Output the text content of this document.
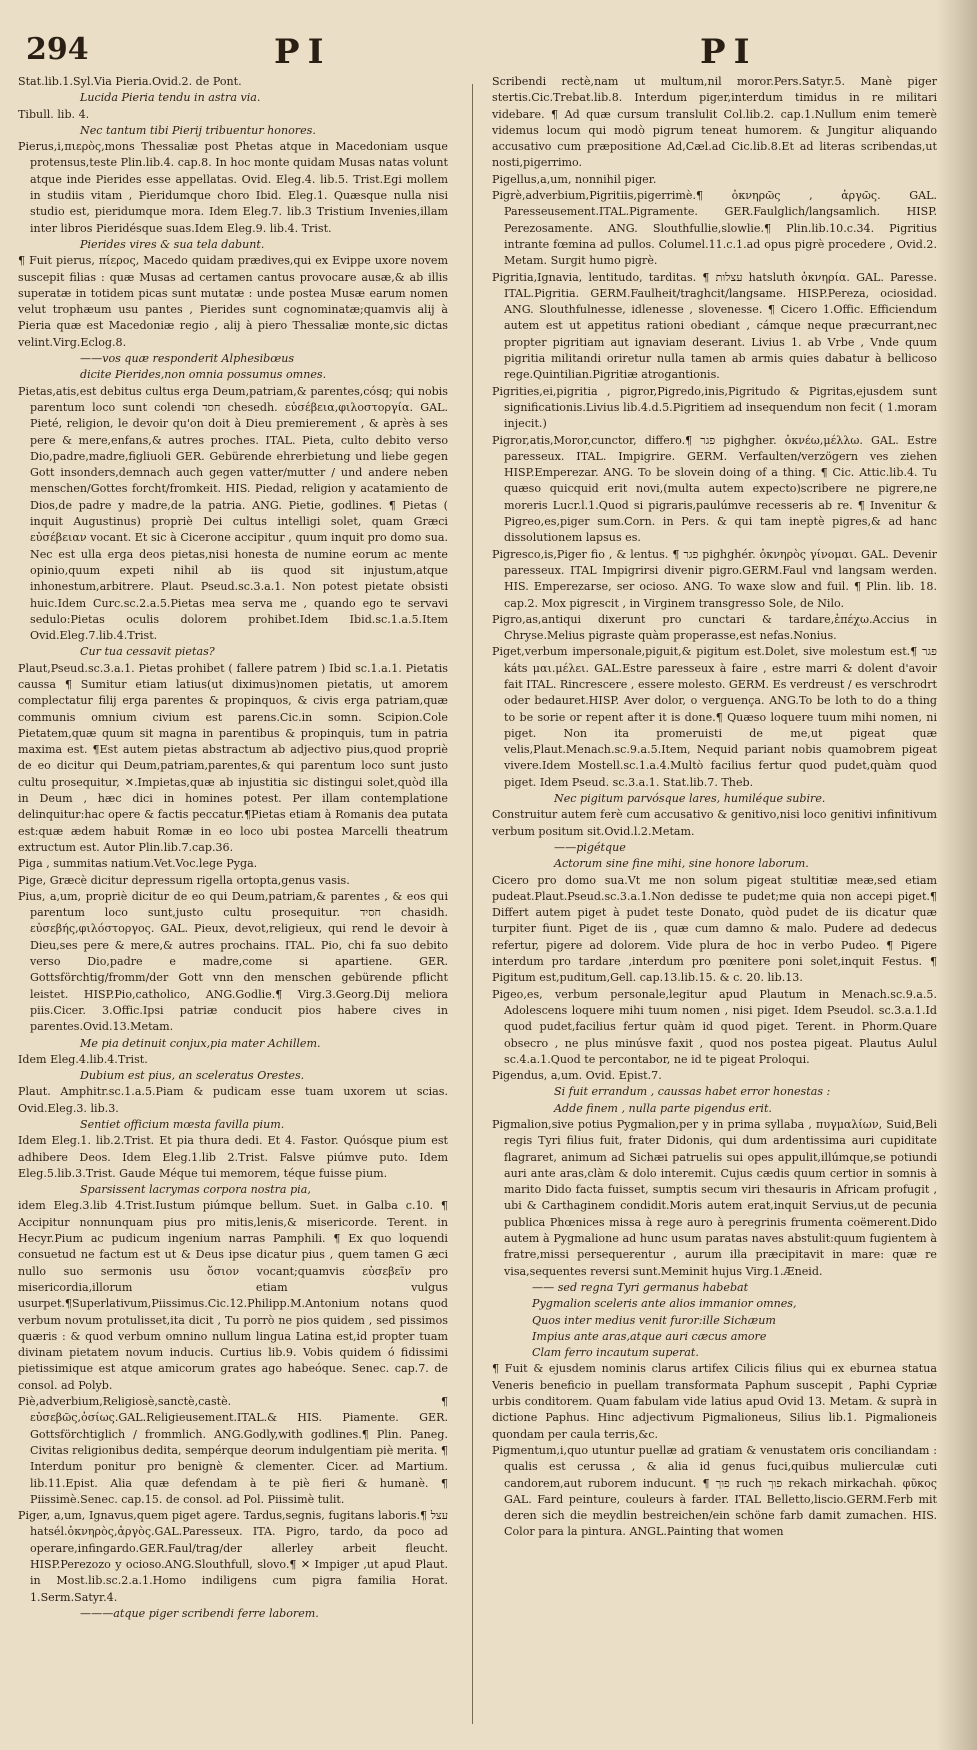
294	PI	PI

Stat.lib.1.Syl.Via Pieria.Ovid.2. de Pont.

Lucida Pieria tendu in astra via.

Tibull. lib. 4.

Nec tantum tibi Pierij tribuentur honores.

Pierus,i,πιερὸς,mons Thessaliæ post Phetas atque in Macedoniam usque protensus,teste Plin.lib.4. cap.8. In hoc monte quidam Musas natas volunt atque inde Pierides esse appellatas. Ovid. Eleg.4. lib.5. Trist.Egi mollem in studiis vitam , Pieridumque choro Ibid. Eleg.1. Quæsque nulla nisi studio est, pieridumque mora. Idem Eleg.7. lib.3 Tristium Invenies,illam inter libros Pieridésque suas.Idem Eleg.9. lib.4. Trist.

Pierides vires & sua tela dabunt.

¶ Fuit pierus, πίερος, Macedo quidam prædives,qui ex Evippe uxore novem suscepit filias : quæ Musas ad certamen cantus provocare ausæ,& ab illis superatæ in totidem picas sunt mutatæ : unde postea Musæ earum nomen velut trophæum usu pantes , Pierides sunt cognominatæ;quamvis alij à Pieria quæ est Macedoniæ regio , alij à piero Thessaliæ monte,sic dictas velint.Virg.Eclog.8.

——vos quæ responderit Alphesibœus

dicite Pierides,non omnia possumus omnes.

Pietas,atis,est debitus cultus erga Deum,patriam,& parentes,cósq; qui nobis parentum loco sunt colendi חסד chesedh. εὐσέβεια,φιλοστοργία. GAL. Pieté, religion, le devoir qu'on doit à Dieu premierement , & après à ses pere & mere,enfans,& autres proches. ITAL. Pieta, culto debito verso Dio,padre,madre,figliuoli GER. Gebürende ehrerbietung und liebe gegen Gott insonders,demnach auch gegen vatter/mutter / und andere neben menschen/Gottes forcht/fromkeit. HIS. Piedad, religion y acatamiento de Dios,de padre y madre,de la patria. ANG. Pietie, godlines. ¶ Pietas ( inquit Augustinus) propriè Dei cultus intelligi solet, quam Græci εὐσέβειαν vocant. Et sic à Cicerone accipitur , quum inquit pro domo sua. Nec est ulla erga deos pietas,nisi honesta de numine eorum ac mente opinio,quum expeti nihil ab iis quod sit injustum,atque inhonestum,arbitrere. Plaut. Pseud.sc.3.a.1. Non potest pietate obsisti huic.Idem Curc.sc.2.a.5.Pietas mea serva me , quando ego te servavi sedulo:Pietas oculis dolorem prohibet.Idem Ibid.sc.1.a.5.Item Ovid.Eleg.7.lib.4.Trist.

Cur tua cessavit pietas?

Plaut,Pseud.sc.3.a.1. Pietas prohibet ( fallere patrem ) Ibid sc.1.a.1. Pietatis caussa ¶ Sumitur etiam latius(ut diximus)nomen pietatis, ut amorem complectatur filij erga parentes & propinquos, & civis erga patriam,quæ communis omnium civium est parens.Cic.in somn. Scipion.Cole Pietatem,quæ quum sit magna in parentibus & propinquis, tum in patria maxima est. ¶Est autem pietas abstractum ab adjectivo pius,quod propriè de eo dicitur qui Deum,patriam,parentes,& qui parentum loco sunt justo cultu prosequitur, ✕.Impietas,quæ ab injustitia sic distingui solet,quòd illa in Deum , hæc dici in homines potest. Per illam contemplatione delinquitur:hac opere & factis peccatur.¶Pietas etiam à Romanis dea putata est:quæ ædem habuit Romæ in eo loco ubi postea Marcelli theatrum extructum est. Autor Plin.lib.7.cap.36.

Piga , summitas natium.Vet.Voc.lege Pyga.

Pige, Græcè dicitur depressum rigella ortopta,genus vasis.

Pius, a,um, propriè dicitur de eo qui Deum,patriam,& parentes , & eos qui parentum loco sunt,justo cultu prosequitur. חסיד chasidh. εὐσεβής,φιλόστοργος. GAL. Pieux, devot,religieux, qui rend le devoir à Dieu,ses pere & mere,& autres prochains. ITAL. Pio, chi fa suo debito verso Dio,padre e madre,come si apartiene. GER. Gottsförchtig/fromm/der Gott vnn den menschen gebürende pflicht leistet. HISP.Pio,catholico, ANG.Godlie.¶ Virg.3.Georg.Dij meliora piis.Cicer. 3.Offic.Ipsi patriæ conducit pios habere cives in parentes.Ovid.13.Metam.

Me pia detinuit conjux,pia mater Achillem.

Idem Eleg.4.lib.4.Trist.

Dubium est pius, an sceleratus Orestes.

Plaut. Amphitr.sc.1.a.5.Piam & pudicam esse tuam uxorem ut scias. Ovid.Eleg.3. lib.3.

Sentiet officium mœsta favilla pium.

Idem Eleg.1. lib.2.Trist. Et pia thura dedi. Et 4. Fastor. Quósque pium est adhibere Deos. Idem Eleg.1.lib 2.Trist. Falsve piúmve puto. Idem Eleg.5.lib.3.Trist. Gaude Méque tui memorem, téque fuisse pium.

Sparsissent lacrymas corpora nostra pia,

idem Eleg.3.lib 4.Trist.Iustum piúmque bellum. Suet. in Galba c.10. ¶ Accipitur nonnunquam pius pro mitis,lenis,& misericorde. Terent. in Hecyr.Pium ac pudicum ingenium narras Pamphili. ¶ Ex quo loquendi consuetud ne factum est ut & Deus ipse dicatur pius , quem tamen G æci nullo suo sermonis usu ὅσιον vocant;quamvis εὐσεβεῖν pro misericordia,illorum etiam vulgus usurpet.¶Superlativum,Piissimus.Cic.12.Philipp.M.Antonium notans quod verbum novum protulisset,ita dicit , Tu porrò ne pios quidem , sed pissimos quæris : & quod verbum omnino nullum lingua Latina est,id propter tuam divinam pietatem novum inducis. Curtius lib.9. Vobis quidem ó fidissimi pietissimique est atque amicorum grates ago habeóque. Senec. cap.7. de consol. ad Polyb.

Piè,adverbium,Religiosè,sanctè,castè. ¶ εὐσεβῶς,ὁσίως.GAL.Religieusement.ITAL.& HIS. Piamente. GER. Gottsförchtiglich / frommlich. ANG.Godly,with godlines.¶ Plin. Paneg. Civitas religionibus dedita, sempérque deorum indulgentiam piè merita. ¶ Interdum ponitur pro benignè & clementer. Cicer. ad Martium. lib.11.Epist. Alia quæ defendam à te piè fieri & humanè. ¶ Piissimè.Senec. cap.15. de consol. ad Pol. Piissimè tulit.

Piger, a,um, Ignavus,quem piget agere. Tardus,segnis, fugitans laboris.¶ עצל hatsél.ὀκνηρὸς,ἀργὸς.GAL.Paresseux. ITA. Pigro, tardo, da poco ad operare,infingardo.GER.Faul/trag/der allerley arbeit fleucht. HISP.Perezozo y ocioso.ANG.Slouthfull, slovo.¶ ✕ Impiger ,ut apud Plaut. in Most.lib.sc.2.a.1.Homo indiligens cum pigra familia Horat. 1.Serm.Satyr.4.

———atque piger scribendi ferre laborem.

Scribendi rectè,nam ut multum,nil moror.Pers.Satyr.5. Manè piger stertis.Cic.Trebat.lib.8. Interdum piger,interdum timidus in re militari videbare. ¶ Ad quæ cursum translulit Col.lib.2. cap.1.Nullum enim temerè videmus locum qui modò pigrum teneat humorem. & Jungitur aliquando accusativo cum præpositione Ad,Cæl.ad Cic.lib.8.Et ad literas scribendas,ut nosti,pigerrimo.

Pigellus,a,um, nonnihil piger.

Pigrè,adverbium,Pigritiis,pigerrimè.¶ ὀκνηρῶς , ἀργῶς. GAL. Paresseusement.ITAL.Pigramente. GER.Faulglich/langsamlich. HISP. Perezosamente. ANG. Slouthfullie,slowlie.¶ Plin.lib.10.c.34. Pigritius intrante fœmina ad pullos. Columel.11.c.1.ad opus pigrè procedere , Ovid.2. Metam. Surgit humo pigrè.

Pigritia,Ignavia, lentitudo, tarditas. ¶ עצלות hatsluth ὀκνηρία. GAL. Paresse. ITAL.Pigritia. GERM.Faulheit/traghcit/langsame. HISP.Pereza, ociosidad. ANG. Slouthfulnesse, idlenesse , slovenesse. ¶ Cicero 1.Offic. Efficiendum autem est ut appetitus rationi obediant , cámque neque præcurrant,nec propter pigritiam aut ignaviam deserant. Livius 1. ab Vrbe , Vnde quum pigritia militandi oriretur nulla tamen ab armis quies dabatur à bellicoso rege.Quintilian.Pigritiæ atrogantionis.

Pigrities,ei,pigritia , pigror,Pigredo,inis,Pigritudo & Pigritas,ejusdem sunt significationis.Livius lib.4.d.5.Pigritiem ad insequendum non fecit ( 1.moram injecit.)

Pigror,atis,Moror,cunctor, differo.¶ פגר pighgher. ὀκνέω,μέλλω. GAL. Estre paresseux. ITAL. Impigrire. GERM. Verfaulten/verzögern ves ziehen HISP.Emperezar. ANG. To be slovein doing of a thing. ¶ Cic. Attic.lib.4. Tu quæso quicquid erit novi,(multa autem expecto)scribere ne pigrere,ne moreris Lucr.l.1.Quod si pigraris,paulúmve recesseris ab re. ¶ Invenitur & Pigreo,es,piger sum.Corn. in Pers. & qui tam ineptè pigres,& ad hanc dissolutionem lapsus es.

Pigresco,is,Piger fio , & lentus. ¶ פגר pighghér. ὀκνηρὸς γίνομαι. GAL. Devenir paresseux. ITAL Impigrirsi divenir pigro.GERM.Faul vnd langsam werden. HIS. Emperezarse, ser ocioso. ANG. To waxe slow and fuil. ¶ Plin. lib. 18. cap.2. Mox pigrescit , in Virginem transgresso Sole, de Nilo.

Pigro,as,antiqui dixerunt pro cunctari & tardare,ἐπέχω.Accius in Chryse.Melius pigraste quàm properasse,est nefas.Nonius.

Piget,verbum impersonale,piguit,& pigitum est.Dolet, sive molestum est.¶ פגר káts μαι.μέλει. GAL.Estre paresseux à faire , estre marri & dolent d'avoir fait ITAL. Rincrescere , essere molesto. GERM. Es verdreust / es verschrodrt oder bedauret.HISP. Aver dolor, o verguença. ANG.To be loth to do a thing to be sorie or repent after it is done.¶ Quæso loquere tuum mihi nomen, ni piget. Non ita promeruisti de me,ut pigeat quæ velis,Plaut.Menach.sc.9.a.5.Item, Nequid pariant nobis quamobrem pigeat vivere.Idem Mostell.sc.1.a.4.Multò facilius fertur quod pudet,quàm quod piget. Idem Pseud. sc.3.a.1. Stat.lib.7. Theb.

Nec pigitum parvósque lares, humiléque subire.

Construitur autem ferè cum accusativo & genitivo,nisi loco genitivi infinitivum verbum positum sit.Ovid.l.2.Metam.

——pigétque

Actorum sine fine mihi, sine honore laborum.

Cicero pro domo sua.Vt me non solum pigeat stultitiæ meæ,sed etiam pudeat.Plaut.Pseud.sc.3.a.1.Non dedisse te pudet;me quia non accepi piget.¶ Differt autem piget à pudet teste Donato, quòd pudet de iis dicatur quæ turpiter fiunt. Piget de iis , quæ cum damno & malo. Pudere ad dedecus refertur, pigere ad dolorem. Vide plura de hoc in verbo Pudeo. ¶ Pigere interdum pro tardare ,interdum pro pœnitere poni solet,inquit Festus. ¶ Pigitum est,puditum,Gell. cap.13.lib.15. & c. 20. lib.13.

Pigeo,es, verbum personale,legitur apud Plautum in Menach.sc.9.a.5. Adolescens loquere mihi tuum nomen , nisi piget. Idem Pseudol. sc.3.a.1.Id quod pudet,facilius fertur quàm id quod piget. Terent. in Phorm.Quare obsecro , ne plus minúsve faxit , quod nos postea pigeat. Plautus Aulul sc.4.a.1.Quod te percontabor, ne id te pigeat Proloqui.

Pigendus, a,um. Ovid. Epist.7.

Si fuit errandum , caussas habet error honestas :

Adde finem , nulla parte pigendus erit.

Pigmalion,sive potius Pygmalion,per y in prima syllaba , πυγμαλίων, Suid,Beli regis Tyri filius fuit, frater Didonis, qui dum ardentissima auri cupiditate flagraret, animum ad Sichæi patruelis sui opes appulit,illúmque,se potiundi auri ante aras,clàm & dolo interemit. Cujus cædis quum certior in somnis à marito Dido facta fuisset, sumptis secum viri thesauris in Africam profugit , ubi & Carthaginem condidit.Moris autem erat,inquit Servius,ut de pecunia publica Phœnices missa à rege auro à peregrinis frumenta coëmerent.Dido autem à Pygmalione ad hunc usum paratas naves abstulit:quum fugientem à fratre,missi persequerentur , aurum illa præcipitavit in mare: quæ re visa,sequentes reversi sunt.Meminit hujus Virg.1.Æneid.

—— sed regna Tyri germanus habebat

Pygmalion sceleris ante alios immanior omnes,

Quos inter medius venit furor:ille Sichæum

Impius ante aras,atque auri cæcus amore

Clam ferro incautum superat.

¶ Fuit & ejusdem nominis clarus artifex Cilicis filius qui ex eburnea statua Veneris beneficio in puellam transformata Paphum suscepit , Paphi Cypriæ urbis conditorem. Quam fabulam vide latius apud Ovid 13. Metam. & suprà in dictione Paphus. Hinc adjectivum Pigmalioneus, Silius lib.1. Pigmalioneis quondam per caula terris,&c.

Pigmentum,i,quo utuntur puellæ ad gratiam & venustatem oris conciliandam : qualis est cerussa , & alia id genus fuci,quibus mulierculæ cuti candorem,aut ruborem inducunt. ¶ פוך ruch פוך rekach mirkachah. φῦκος GAL. Fard peinture, couleurs à farder. ITAL Belletto,liscio.GERM.Ferb mit deren sich die meydlin bestreichen/ein schöne farb damit zumachen. HIS. Color para la pintura. ANGL.Painting that women
